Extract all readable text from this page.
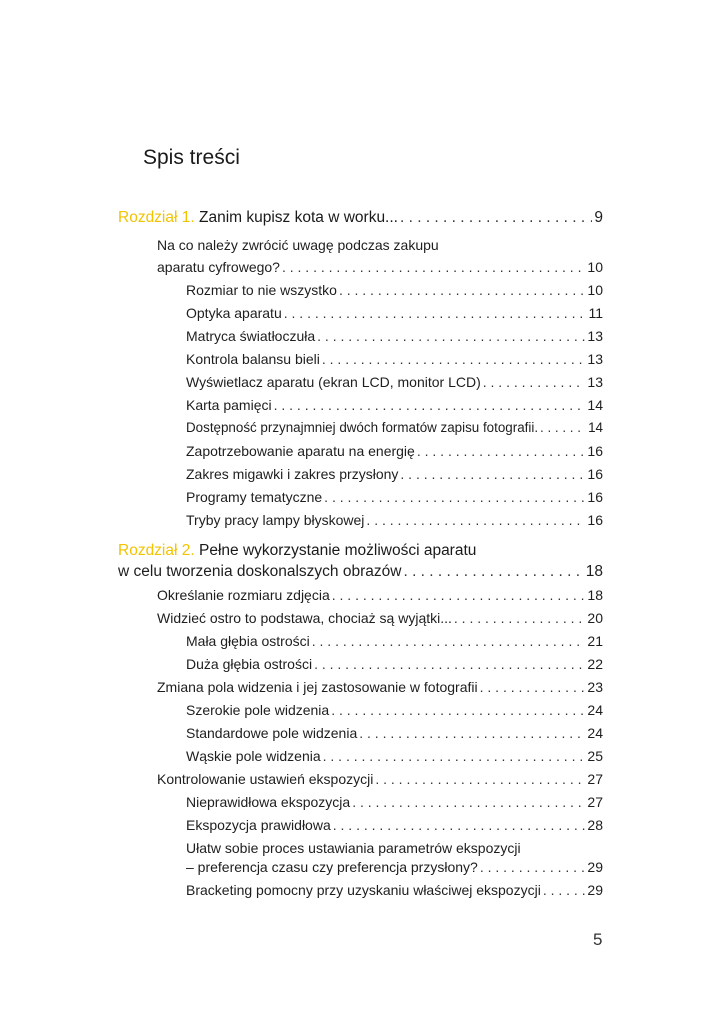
Spis treści
Rozdział 1. Zanim kupisz kota w worku... . . .	9
Na co należy zwrócić uwagę podczas zakupu
aparatu cyfrowego? . . .	10
Rozmiar to nie wszystko . . .	10
Optyka aparatu . . .	11
Matryca światłoczuła . . .	13
Kontrola balansu bieli . . .	13
Wyświetlacz aparatu (ekran LCD, monitor LCD) . . .	13
Karta pamięci . . .	14
Dostępność przynajmniej dwóch formatów zapisu fotografii. . . .	14
Zapotrzebowanie aparatu na energię . . .	16
Zakres migawki i zakres przysłony . . .	16
Programy tematyczne . . .	16
Tryby pracy lampy błyskowej . . .	16
Rozdział 2. Pełne wykorzystanie możliwości aparatu
w celu tworzenia doskonalszych obrazów . . .	18
Określanie rozmiaru zdjęcia . . .	18
Widzieć ostro to podstawa, chociaż są wyjątki... . . .	20
Mała głębia ostrości . . .	21
Duża głębia ostrości . . .	22
Zmiana pola widzenia i jej zastosowanie w fotografii . . .	23
Szerokie pole widzenia . . .	24
Standardowe pole widzenia . . .	24
Wąskie pole widzenia . . .	25
Kontrolowanie ustawień ekspozycji . . .	27
Nieprawidłowa ekspozycja . . .	27
Ekspozycja prawidłowa . . .	28
Ułatw sobie proces ustawiania parametrów ekspozycji
– preferencja czasu czy preferencja przysłony? . . .	29
Bracketing pomocny przy uzyskaniu właściwej ekspozycji . . .	29
5
